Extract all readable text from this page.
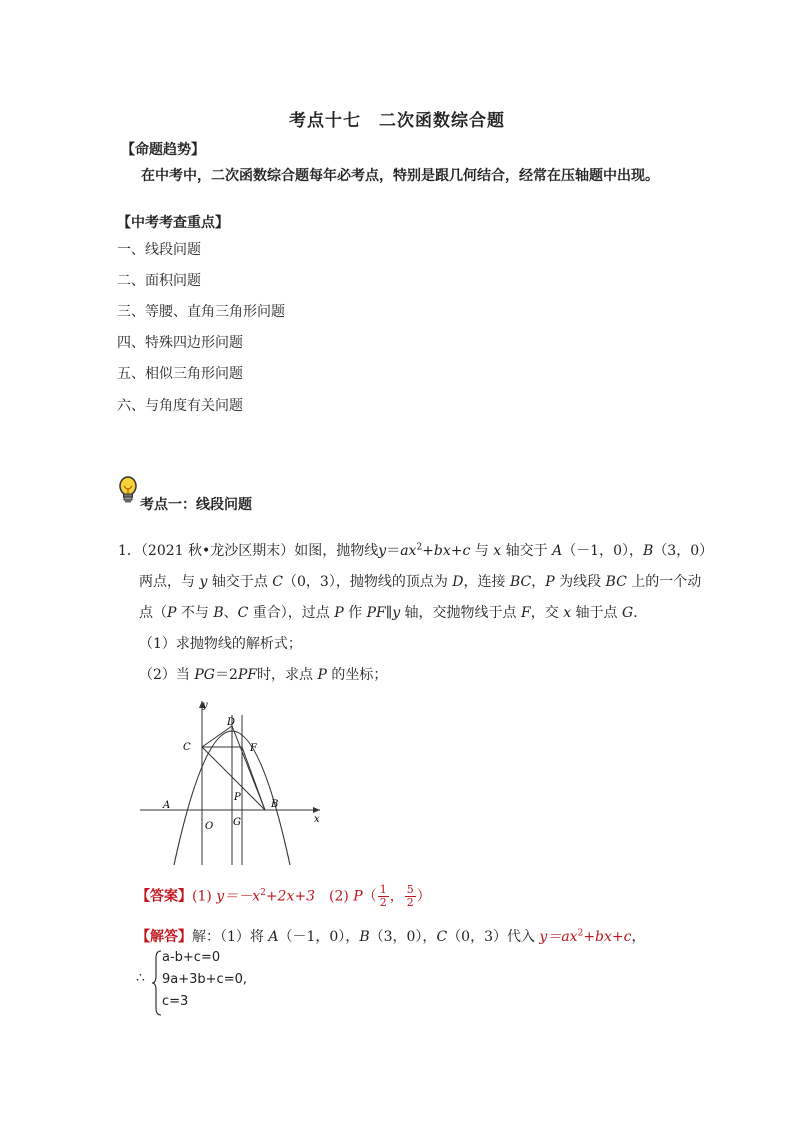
考点十七　二次函数综合题
【命题趋势】
在中考中，二次函数综合题每年必考点，特别是跟几何结合，经常在压轴题中出现。
【中考考查重点】
一、线段问题
二、面积问题
三、等腰、直角三角形问题
四、特殊四边形问题
五、相似三角形问题
六、与角度有关问题
考点一：线段问题
1．（2021 秋•龙沙区期末）如图，抛物线$y=ax^2+bx+c$ 与 x 轴交于 A（－1，0），B（3，0）
两点，与 y 轴交于点 C（0，3），抛物线的顶点为 D，连接 BC，P 为线段 BC 上的一个动
点（P 不与 B、C 重合），过点 P 作 PF∥y 轴，交抛物线于点 F，交 x 轴于点 G．
（1）求抛物线的解析式；
（2）当 PG＝2PF时，求点 P 的坐标；
y
x
D
C	F
P
A	B
O G
【答案】(1) $y=-x^2+2x+3$　(2) $P( \frac{1}{2}$ ， $\frac{5}{2}$ ）
【解答】解：（1）将 A（－1，0），B（3，0），C（0，3）代入 $y=ax^2+bx+c$，
∴
a-b+c=0
9a+3b+c=0,
c=3
